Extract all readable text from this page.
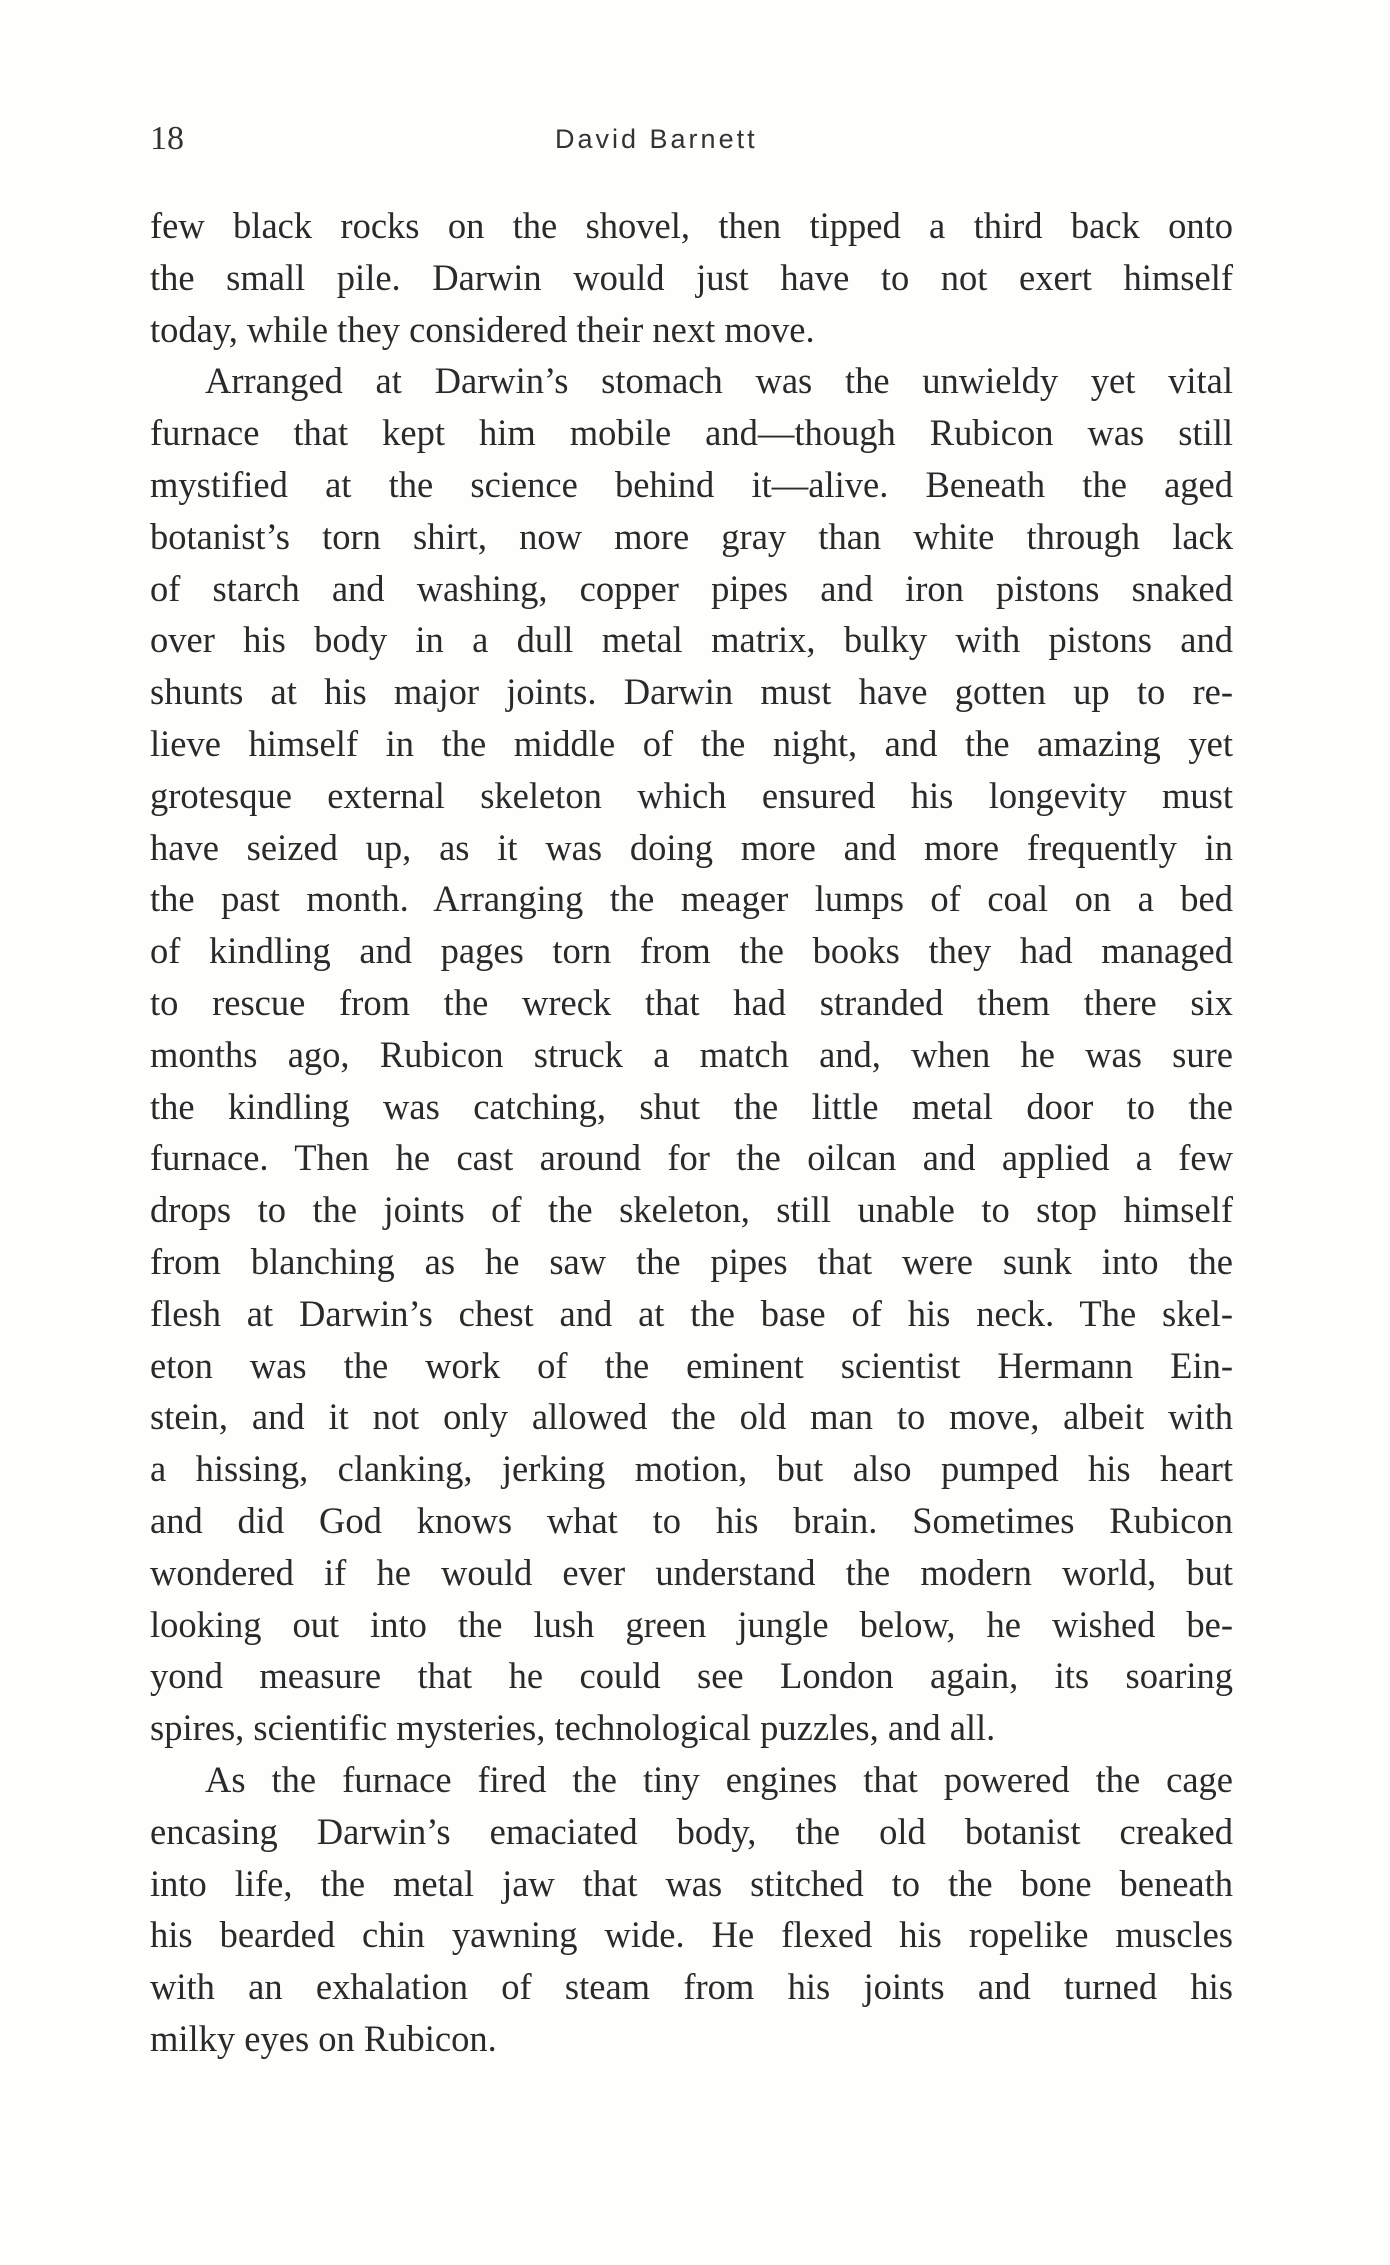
18	David Barnett
few black rocks on the shovel, then tipped a third back onto
the small pile. Darwin would just have to not exert himself
today, while they considered their next move.
Arranged at Darwin’s stomach was the unwieldy yet vital
furnace that kept him mobile and—though Rubicon was still
mystified at the science behind it—alive. Beneath the aged
botanist’s torn shirt, now more gray than white through lack
of starch and washing, copper pipes and iron pistons snaked
over his body in a dull metal matrix, bulky with pistons and
shunts at his major joints. Darwin must have gotten up to re-
lieve himself in the middle of the night, and the amazing yet
grotesque external skeleton which ensured his longevity must
have seized up, as it was doing more and more frequently in
the past month. Arranging the meager lumps of coal on a bed
of kindling and pages torn from the books they had managed
to rescue from the wreck that had stranded them there six
months ago, Rubicon struck a match and, when he was sure
the kindling was catching, shut the little metal door to the
furnace. Then he cast around for the oilcan and applied a few
drops to the joints of the skeleton, still unable to stop himself
from blanching as he saw the pipes that were sunk into the
flesh at Darwin’s chest and at the base of his neck. The skel-
eton was the work of the eminent scientist Hermann Ein-
stein, and it not only allowed the old man to move, albeit with
a hissing, clanking, jerking motion, but also pumped his heart
and did God knows what to his brain. Sometimes Rubicon
wondered if he would ever understand the modern world, but
looking out into the lush green jungle below, he wished be-
yond measure that he could see London again, its soaring
spires, scientific mysteries, technological puzzles, and all.
As the furnace fired the tiny engines that powered the cage
encasing Darwin’s emaciated body, the old botanist creaked
into life, the metal jaw that was stitched to the bone beneath
his bearded chin yawning wide. He flexed his ropelike muscles
with an exhalation of steam from his joints and turned his
milky eyes on Rubicon.
